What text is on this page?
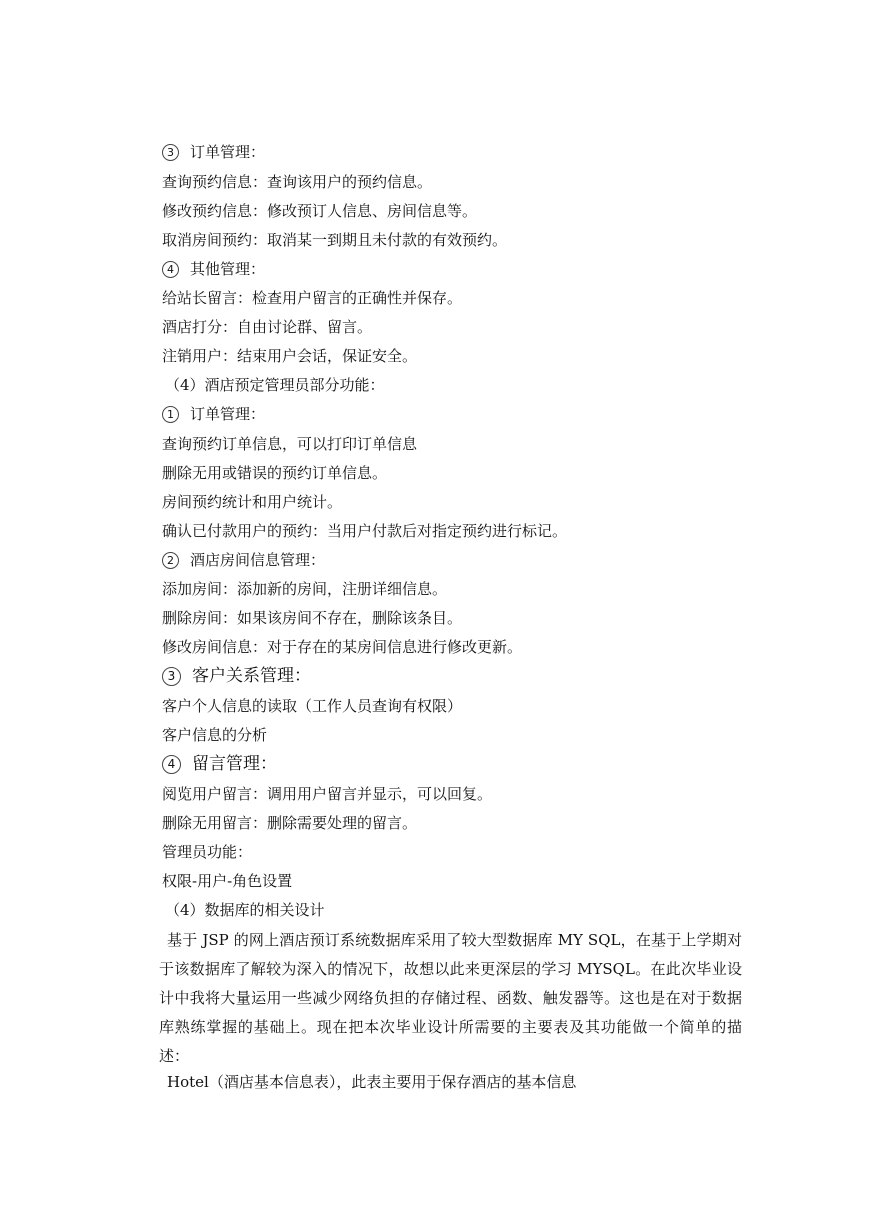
3 订单管理：
查询预约信息：查询该用户的预约信息。
修改预约信息：修改预订人信息、房间信息等。
取消房间预约：取消某一到期且未付款的有效预约。
4 其他管理：
给站长留言：检查用户留言的正确性并保存。
酒店打分：自由讨论群、留言。
注销用户：结束用户会话，保证安全。
（4）酒店预定管理员部分功能：
1 订单管理：
查询预约订单信息，可以打印订单信息
删除无用或错误的预约订单信息。
房间预约统计和用户统计。
确认已付款用户的预约：当用户付款后对指定预约进行标记。
2 酒店房间信息管理：
添加房间：添加新的房间，注册详细信息。
删除房间：如果该房间不存在，删除该条目。
修改房间信息：对于存在的某房间信息进行修改更新。
3 客户关系管理：
客户个人信息的读取（工作人员查询有权限）
客户信息的分析
4 留言管理：
阅览用户留言：调用用户留言并显示，可以回复。
删除无用留言：删除需要处理的留言。
管理员功能：
权限-用户-角色设置
（4）数据库的相关设计
基于 JSP 的网上酒店预订系统数据库采用了较大型数据库 MY SQL，在基于上学期对于该数据库了解较为深入的情况下，故想以此来更深层的学习 MYSQL。在此次毕业设计中我将大量运用一些减少网络负担的存储过程、函数、触发器等。这也是在对于数据库熟练掌握的基础上。现在把本次毕业设计所需要的主要表及其功能做一个简单的描述：
Hotel（酒店基本信息表），此表主要用于保存酒店的基本信息
